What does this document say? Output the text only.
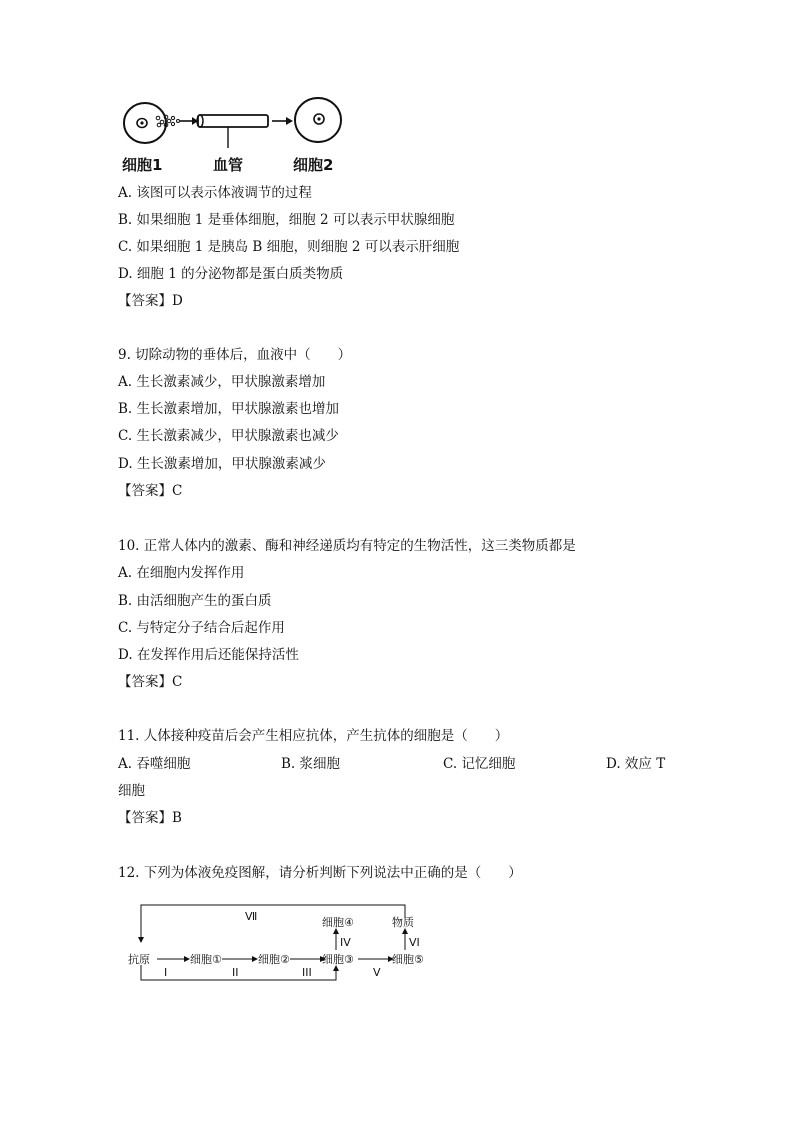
细胞1	血管	细胞2
A. 该图可以表示体液调节的过程
B. 如果细胞 1 是垂体细胞，细胞 2 可以表示甲状腺细胞
C. 如果细胞 1 是胰岛 B 细胞，则细胞 2 可以表示肝细胞
D. 细胞 1 的分泌物都是蛋白质类物质
【答案】D
9. 切除动物的垂体后，血液中（　　）
A. 生长激素减少，甲状腺激素增加
B. 生长激素增加，甲状腺激素也增加
C. 生长激素减少，甲状腺激素也减少
D. 生长激素增加，甲状腺激素减少
【答案】C
10. 正常人体内的激素、酶和神经递质均有特定的生物活性，这三类物质都是
A. 在细胞内发挥作用
B. 由活细胞产生的蛋白质
C. 与特定分子结合后起作用
D. 在发挥作用后还能保持活性
【答案】C
11. 人体接种疫苗后会产生相应抗体，产生抗体的细胞是（　　）
A. 吞噬细胞	B. 浆细胞	C. 记忆细胞	D. 效应 T
细胞
【答案】B
12. 下列为体液免疫图解，请分析判断下列说法中正确的是（　　）
抗原	细胞①	细胞②	细胞③
细胞④
细胞⑤
物质
I	II	III
IV
V
VI
Ⅶ
